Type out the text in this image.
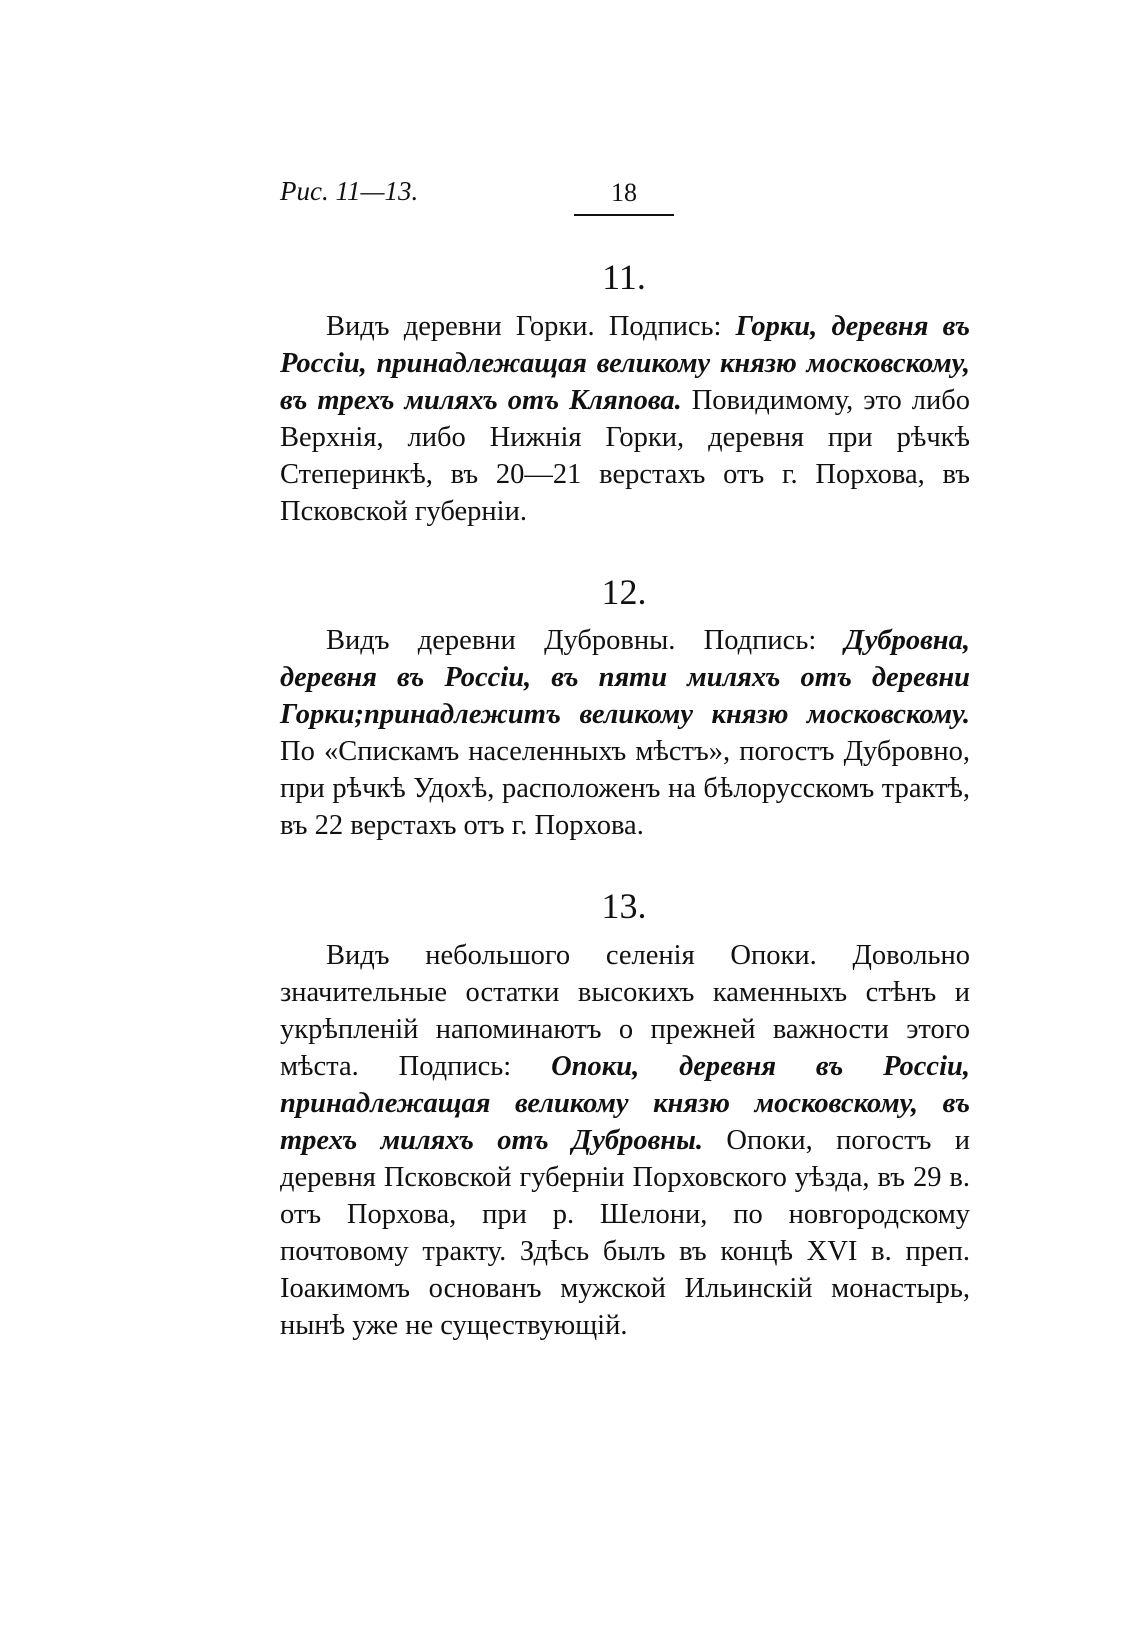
Рис. 11—13.	18
11.

Видъ деревни Горки. Подпись: Горки, деревня въ Россіи, принадлежащая великому князю московскому, въ трехъ миляхъ отъ Кляпова. Повидимому, это либо Верхнія, либо Нижнія Горки, деревня при рѣчкѣ Степеринкѣ, въ 20—21 верстахъ отъ г. Порхова, въ Псковской губерніи.

12.

Видъ деревни Дубровны. Подпись: Дубровна, деревня въ Россіи, въ пяти миляхъ отъ деревни Горки;принадлежитъ великому князю московскому. По «Спискамъ населенныхъ мѣстъ», погостъ Дубровно, при рѣчкѣ Удохѣ, расположенъ на бѣлорусскомъ трактѣ, въ 22 верстахъ отъ г. Порхова.

13.

Видъ небольшого селенія Опоки. Довольно значительные остатки высокихъ каменныхъ стѣнъ и укрѣпленій напоминаютъ о прежней важности этого мѣста. Подпись: Опоки, деревня въ Россіи, принадлежащая великому князю московскому, въ трехъ миляхъ отъ Дубровны. Опоки, погостъ и деревня Псковской губерніи Порховского уѣзда, въ 29 в. отъ Порхова, при р. Шелони, по новгородскому почтовому тракту. Здѣсь былъ въ концѣ XVI в. преп. Іоакимомъ основанъ мужской Ильинскій монастырь, нынѣ уже не существующій.
